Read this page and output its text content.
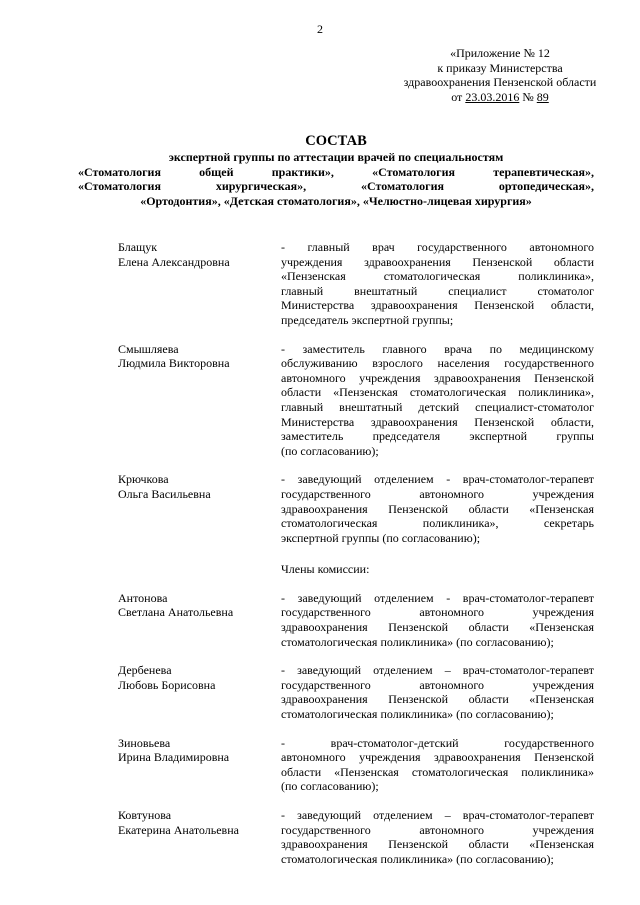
2
«Приложение № 12
к приказу Министерства
здравоохранения Пензенской области
от 23.03.2016 № 89
СОСТАВ
экспертной группы по аттестации врачей по специальностям
«Стоматология общей практики», «Стоматология терапевтическая»,
«Стоматология хирургическая», «Стоматология ортопедическая»,
«Ортодонтия», «Детская стоматология», «Челюстно-лицевая хирургия»
Блащук
Елена Александровна
- главный врач государственного автономного
учреждения здравоохранения Пензенской области
«Пензенская стоматологическая поликлиника»,
главный внештатный специалист стоматолог
Министерства здравоохранения Пензенской области,
председатель экспертной группы;
Смышляева
Людмила Викторовна
- заместитель главного врача по медицинскому
обслуживанию взрослого населения государственного
автономного учреждения здравоохранения Пензенской
области «Пензенская стоматологическая поликлиника»,
главный внештатный детский специалист-стоматолог
Министерства здравоохранения Пензенской области,
заместитель председателя экспертной группы
(по согласованию);
Крючкова
Ольга Васильевна
- заведующий отделением - врач-стоматолог-терапевт
государственного автономного учреждения
здравоохранения Пензенской области «Пензенская
стоматологическая поликлиника», секретарь
экспертной группы (по согласованию);
Члены комиссии:
Антонова
Светлана Анатольевна
- заведующий отделением - врач-стоматолог-терапевт
государственного автономного учреждения
здравоохранения Пензенской области «Пензенская
стоматологическая поликлиника» (по согласованию);
Дербенева
Любовь Борисовна
- заведующий отделением – врач-стоматолог-терапевт
государственного автономного учреждения
здравоохранения Пензенской области «Пензенская
стоматологическая поликлиника» (по согласованию);
Зиновьева
Ирина Владимировна
- врач-стоматолог-детский государственного
автономного учреждения здравоохранения Пензенской
области «Пензенская стоматологическая поликлиника»
(по согласованию);
Ковтунова
Екатерина Анатольевна
- заведующий отделением – врач-стоматолог-терапевт
государственного автономного учреждения
здравоохранения Пензенской области «Пензенская
стоматологическая поликлиника» (по согласованию);
